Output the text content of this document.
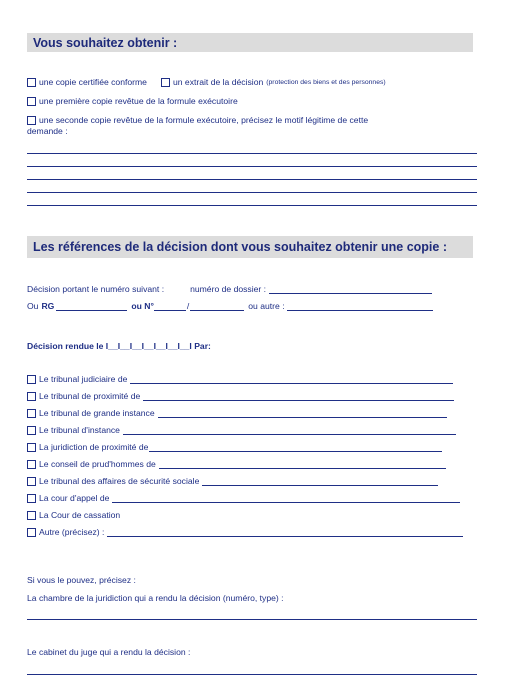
Vous souhaitez obtenir :
une copie certifiée conforme	un extrait de la décision (protection des biens et des personnes)
une première copie revêtue de la formule exécutoire
une seconde copie revêtue de la formule exécutoire, précisez le motif légitime de cette
demande :
Les références de la décision dont vous souhaitez obtenir une copie :
Décision portant le numéro suivant :	numéro de dossier :
Ou RG	ou N°	/	ou autre :
Décision rendue le I__I__I__I__I__I__I__I Par:
Le tribunal judiciaire de
Le tribunal de proximité de
Le tribunal de grande instance
Le tribunal d'instance
La juridiction de proximité de
Le conseil de prud'hommes de
Le tribunal des affaires de sécurité sociale
La cour d'appel de
La Cour de cassation
Autre (précisez) :
Si vous le pouvez, précisez :
La chambre de la juridiction qui a rendu la décision (numéro, type) :
Le cabinet du juge qui a rendu la décision :
